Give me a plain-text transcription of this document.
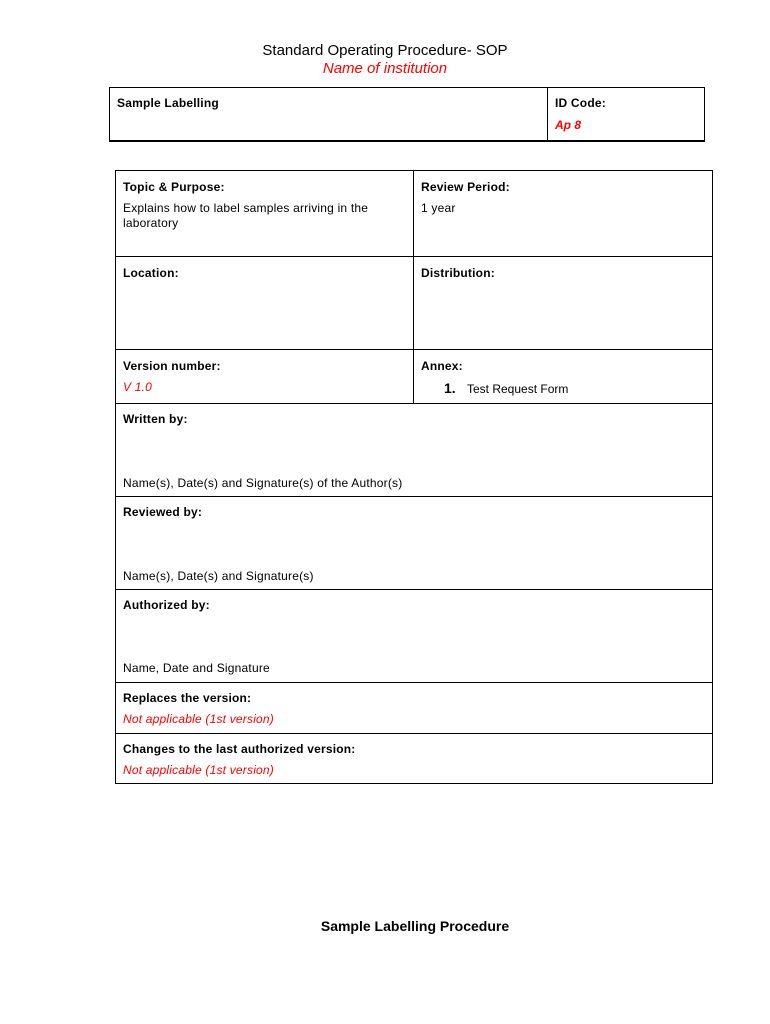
Standard Operating Procedure- SOP
Name of institution
Sample Labelling	ID Code:
Ap 8
Topic & Purpose:
Explains how to label samples arriving in the laboratory
Review Period:
1 year
Location:	Distribution:
Version number:
V 1.0
Annex:
1. Test Request Form
Written by:
Name(s), Date(s) and Signature(s) of the Author(s)
Reviewed by:
Name(s), Date(s) and Signature(s)
Authorized by:
Name, Date and Signature
Replaces the version:
Not applicable (1st version)
Changes to the last authorized version:
Not applicable (1st version)
Sample Labelling Procedure
